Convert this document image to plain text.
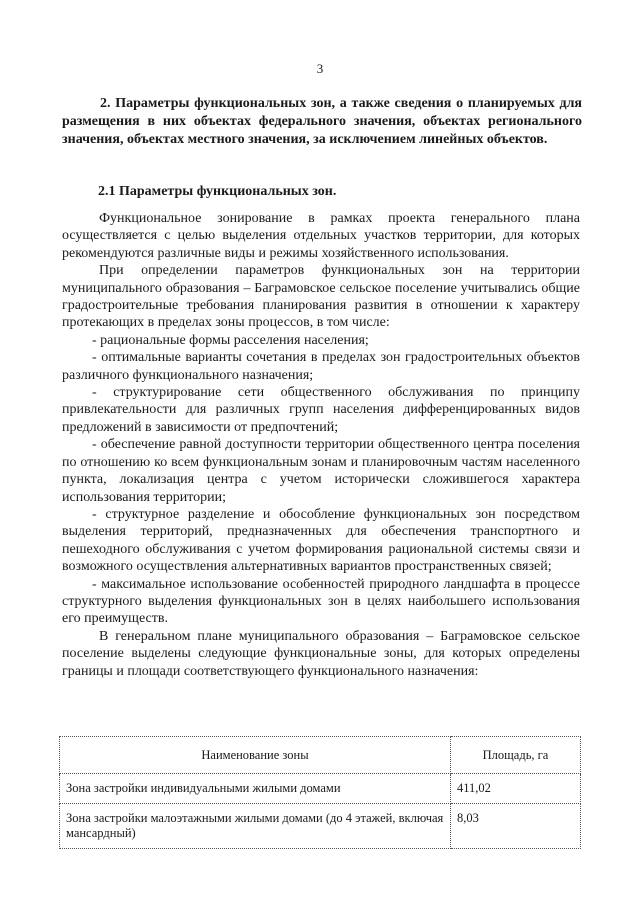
3
2. Параметры функциональных зон, а также сведения о планируемых для размещения в них объектах федерального значения, объектах регионального значения, объектах местного значения, за исключением линейных объектов.
2.1 Параметры функциональных зон.

Функциональное зонирование в рамках проекта генерального плана осуществляется с целью выделения отдельных участков территории, для которых рекомендуются различные виды и режимы хозяйственного использования.

При определении параметров функциональных зон на территории муниципального образования – Баграмовское сельское поселение учитывались общие градостроительные требования планирования развития в отношении к характеру протекающих в пределах зоны процессов, в том числе:

- рациональные формы расселения населения;

- оптимальные варианты сочетания в пределах зон градостроительных объектов различного функционального назначения;

- структурирование сети общественного обслуживания по принципу привлекательности для различных групп населения дифференцированных видов предложений в зависимости от предпочтений;

- обеспечение равной доступности территории общественного центра поселения по отношению ко всем функциональным зонам и планировочным частям населенного пункта, локализация центра с учетом исторически сложившегося характера использования территории;

- структурное разделение и обособление функциональных зон посредством выделения территорий, предназначенных для обеспечения транспортного и пешеходного обслуживания с учетом формирования рациональной системы связи и возможного осуществления альтернативных вариантов пространственных связей;

- максимальное использование особенностей природного ландшафта в процессе структурного выделения функциональных зон в целях наибольшего использования его преимуществ.

В генеральном плане муниципального образования – Баграмовское сельское поселение выделены следующие функциональные зоны, для которых определены границы и площади соответствующего функционального назначения:

Наименование зоны	Площадь, га
Зона застройки индивидуальными жилыми домами	411,02
Зона застройки малоэтажными жилыми домами (до 4 этажей, включая мансардный)	8,03
